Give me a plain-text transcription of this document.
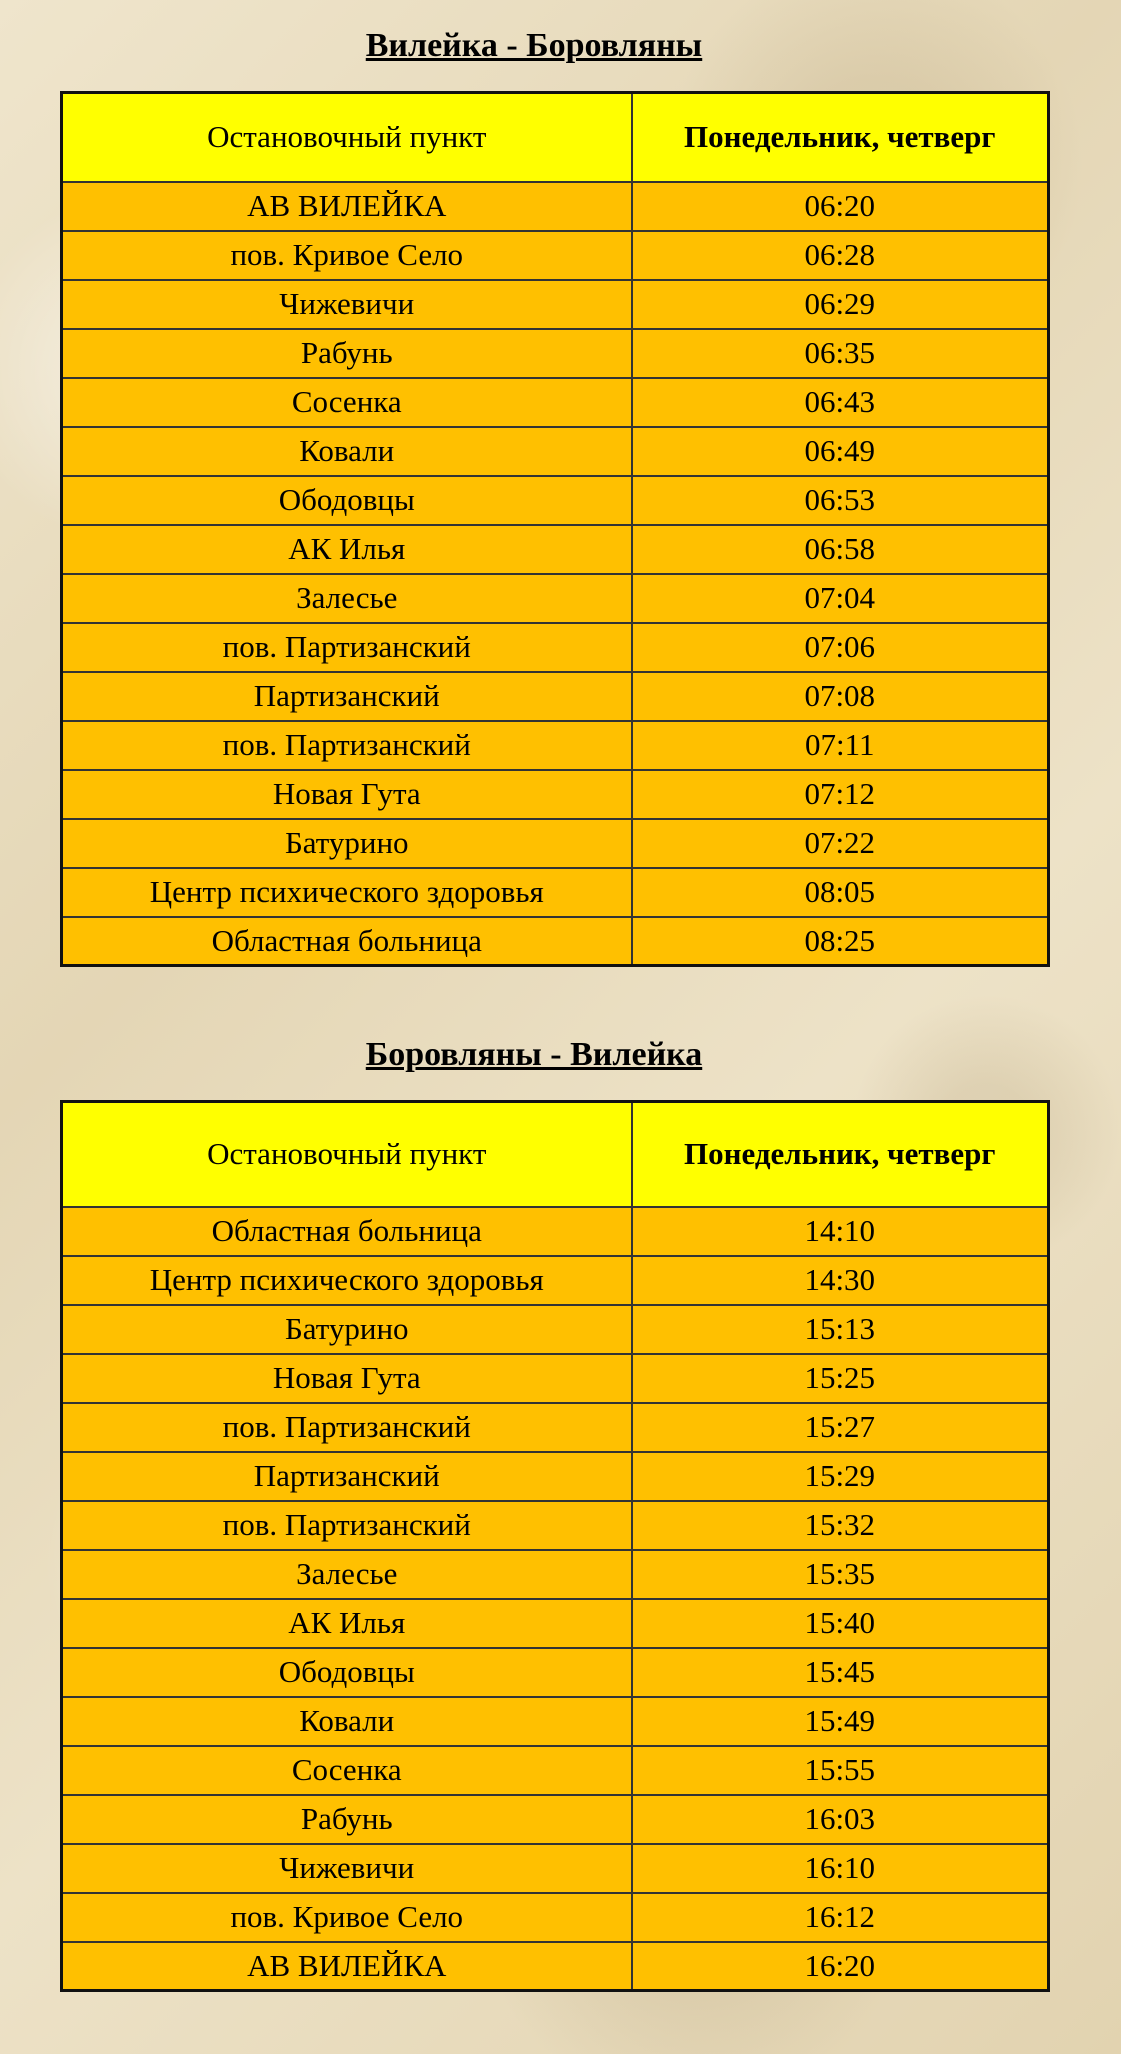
Вилейка - Боровляны
Остановочный пункт	Понедельник, четверг
АВ ВИЛЕЙКА	06:20
пов. Кривое Село	06:28
Чижевичи	06:29
Рабунь	06:35
Сосенка	06:43
Ковали	06:49
Ободовцы	06:53
АК Илья	06:58
Залесье	07:04
пов. Партизанский	07:06
Партизанский	07:08
пов. Партизанский	07:11
Новая Гута	07:12
Батурино	07:22
Центр психического здоровья	08:05
Областная больница	08:25
Боровляны - Вилейка
Остановочный пункт	Понедельник, четверг
Областная больница	14:10
Центр психического здоровья	14:30
Батурино	15:13
Новая Гута	15:25
пов. Партизанский	15:27
Партизанский	15:29
пов. Партизанский	15:32
Залесье	15:35
АК Илья	15:40
Ободовцы	15:45
Ковали	15:49
Сосенка	15:55
Рабунь	16:03
Чижевичи	16:10
пов. Кривое Село	16:12
АВ ВИЛЕЙКА	16:20
